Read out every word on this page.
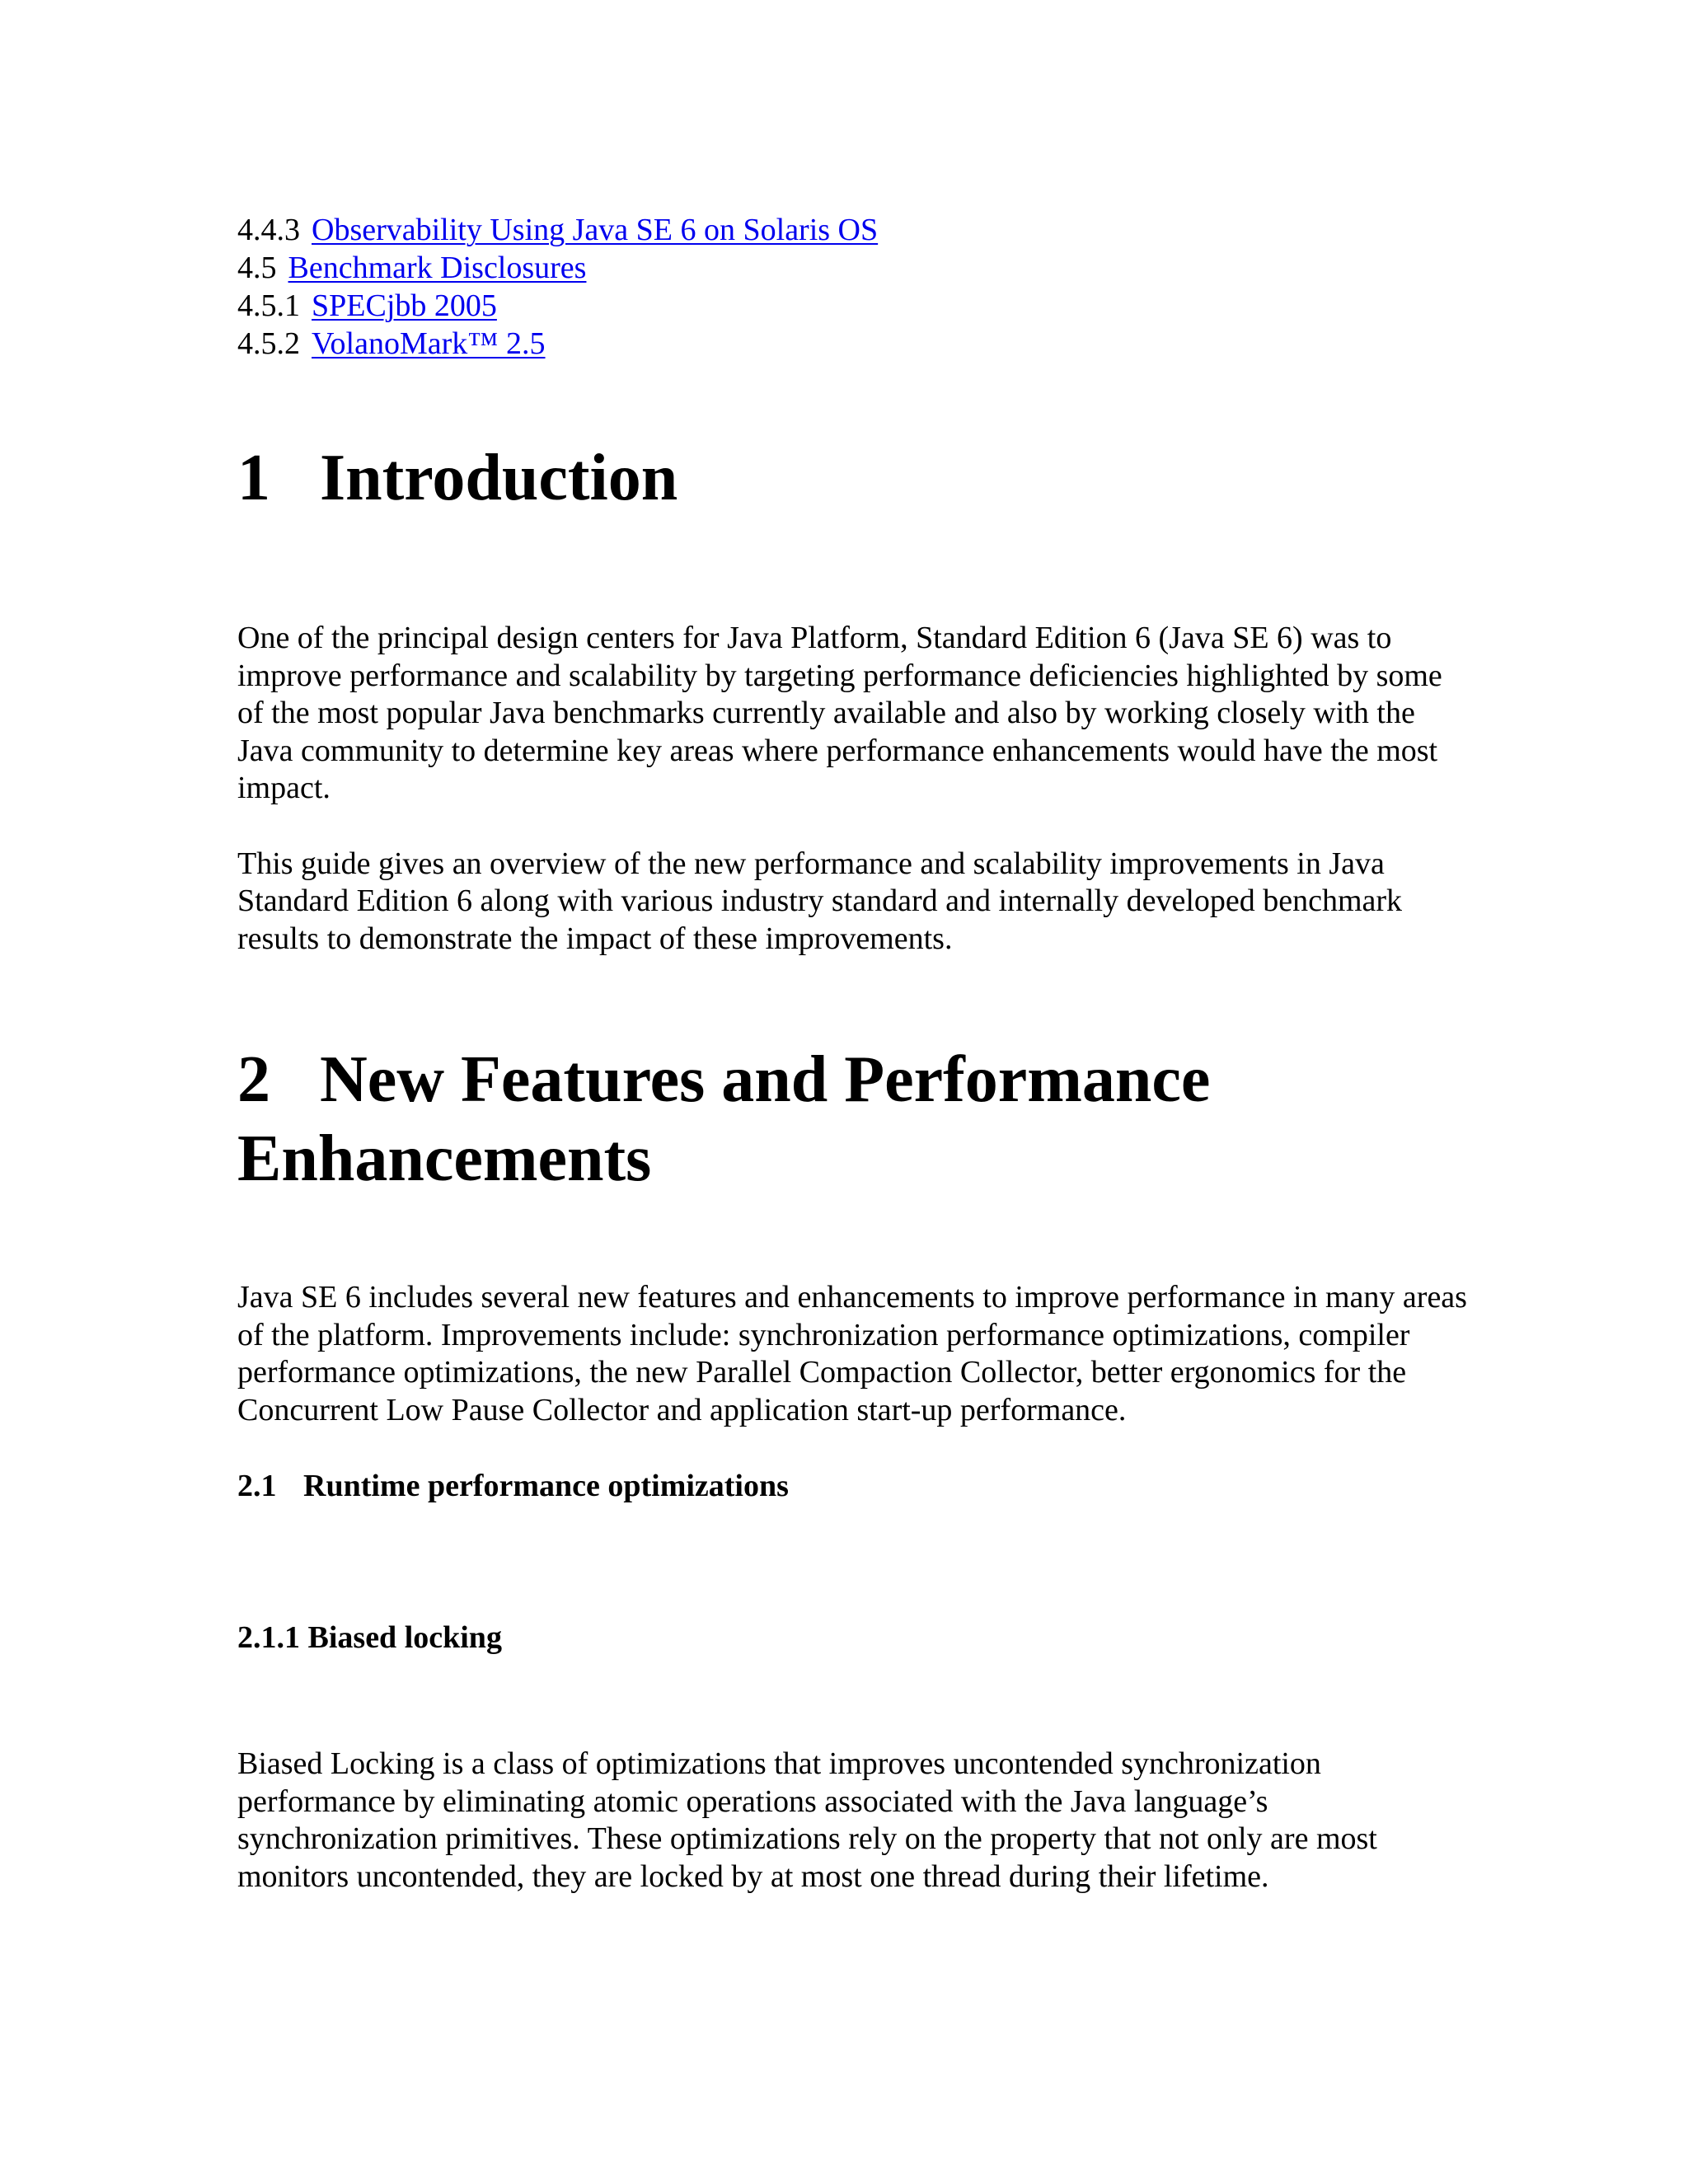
4.4.3 Observability Using Java SE 6 on Solaris OS
4.5 Benchmark Disclosures
4.5.1 SPECjbb 2005
4.5.2 VolanoMark™ 2.5
1 Introduction

One of the principal design centers for Java Platform, Standard Edition 6 (Java SE 6) was to improve performance and scalability by targeting performance deficiencies highlighted by some of the most popular Java benchmarks currently available and also by working closely with the Java community to determine key areas where performance enhancements would have the most impact.

This guide gives an overview of the new performance and scalability improvements in Java Standard Edition 6 along with various industry standard and internally developed benchmark results to demonstrate the impact of these improvements.

2 New Features and Performance Enhancements

Java SE 6 includes several new features and enhancements to improve performance in many areas of the platform. Improvements include: synchronization performance optimizations, compiler performance optimizations, the new Parallel Compaction Collector, better ergonomics for the Concurrent Low Pause Collector and application start-up performance.

2.1 Runtime performance optimizations
2.1.1 Biased locking

Biased Locking is a class of optimizations that improves uncontended synchronization performance by eliminating atomic operations associated with the Java language’s synchronization primitives. These optimizations rely on the property that not only are most monitors uncontended, they are locked by at most one thread during their lifetime.
